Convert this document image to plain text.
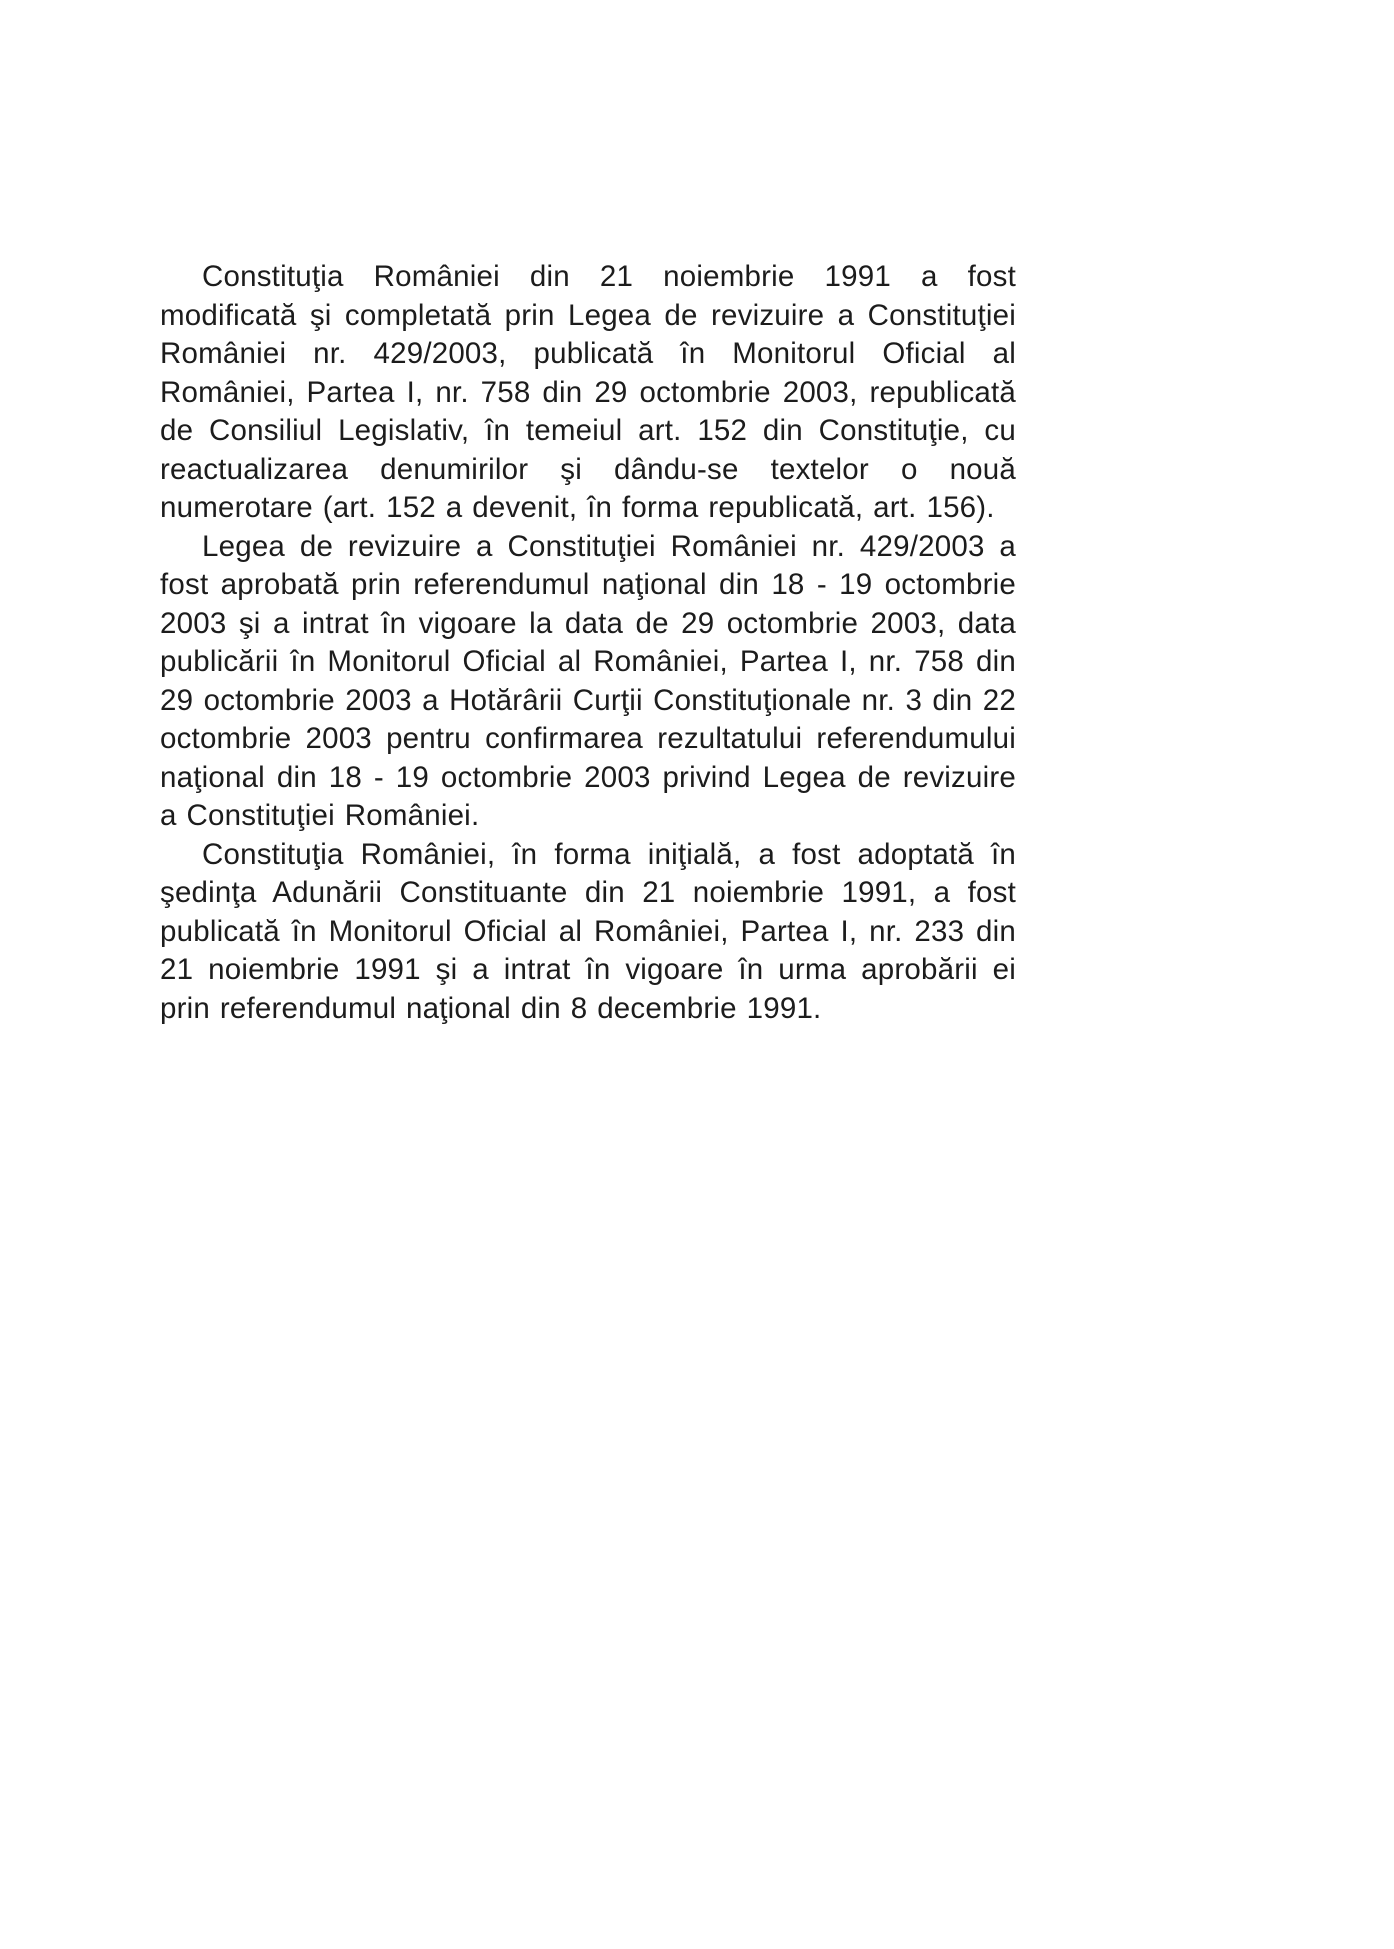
Constituţia României din 21 noiembrie 1991 a fost modificată şi completată prin Legea de revizuire a Constituţiei României nr. 429/2003, publicată în Monitorul Oficial al României, Partea I, nr. 758 din 29 octombrie 2003, republicată de Consiliul Legislativ, în temeiul art. 152 din Constituţie, cu reactualizarea denumirilor şi dându-se textelor o nouă numerotare (art. 152 a devenit, în forma republicată, art. 156).

Legea de revizuire a Constituţiei României nr. 429/2003 a fost aprobată prin referendumul naţional din 18 - 19 octombrie 2003 şi a intrat în vigoare la data de 29 octombrie 2003, data publicării în Monitorul Oficial al României, Partea I, nr. 758 din 29 octombrie 2003 a Hotărârii Curţii Constituţionale nr. 3 din 22 octombrie 2003 pentru confirmarea rezultatului referendumului naţional din 18 - 19 octombrie 2003 privind Legea de revizuire a Constituţiei României.

Constituţia României, în forma iniţială, a fost adoptată în şedinţa Adunării Constituante din 21 noiembrie 1991, a fost publicată în Monitorul Oficial al României, Partea I, nr. 233 din 21 noiembrie 1991 şi a intrat în vigoare în urma aprobării ei prin referendumul naţional din 8 decembrie 1991.
